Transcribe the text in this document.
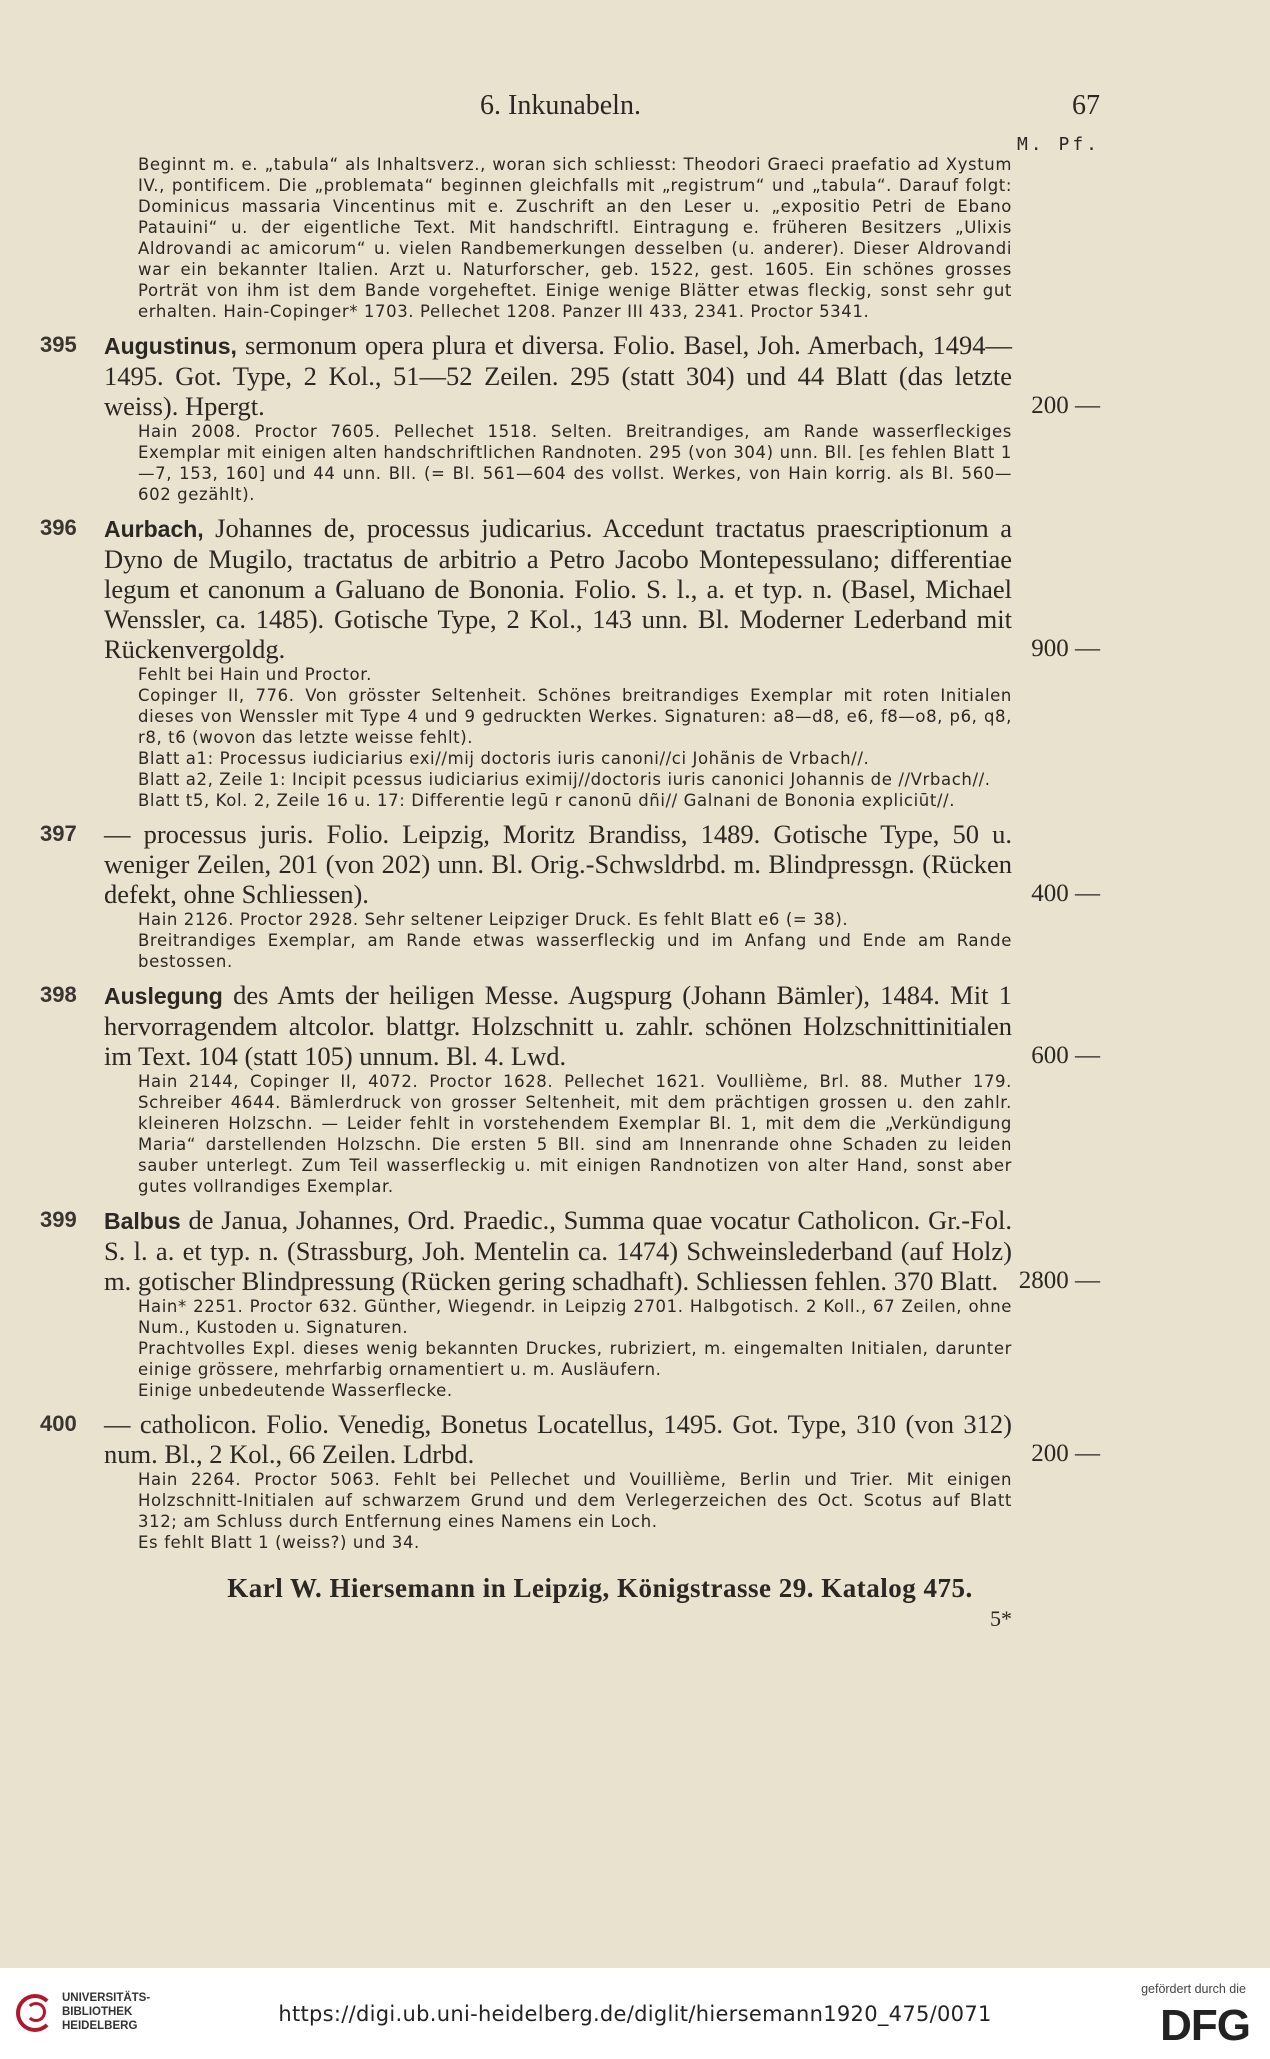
6. Inkunabeln.	67
M. Pf.
Beginnt m. e. „tabula“ als Inhaltsverz., woran sich schliesst: Theodori Graeci praefatio ad Xystum IV., pontificem. Die „problemata“ beginnen gleichfalls mit „registrum“ und „tabula“. Darauf folgt: Dominicus massaria Vincentinus mit e. Zuschrift an den Leser u. „expositio Petri de Ebano Patauini“ u. der eigentliche Text. Mit handschriftl. Eintragung e. früheren Besitzers „Ulixis Aldrovandi ac amicorum“ u. vielen Randbemerkungen desselben (u. anderer). Dieser Aldrovandi war ein bekannter Italien. Arzt u. Naturforscher, geb. 1522, gest. 1605. Ein schönes grosses Porträt von ihm ist dem Bande vorgeheftet. Einige wenige Blätter etwas fleckig, sonst sehr gut erhalten. Hain-Copinger* 1703. Pellechet 1208. Panzer III 433, 2341. Proctor 5341.
395 Augustinus, sermonum opera plura et diversa. Folio. Basel, Joh. Amerbach, 1494—1495. Got. Type, 2 Kol., 51—52 Zeilen. 295 (statt 304) und 44 Blatt (das letzte weiss). Hpergt.	200 —
Hain 2008. Proctor 7605. Pellechet 1518. Selten. Breitrandiges, am Rande wasserfleckiges Exemplar mit einigen alten handschriftlichen Randnoten. 295 (von 304) unn. Bll. [es fehlen Blatt 1—7, 153, 160] und 44 unn. Bll. (= Bl. 561—604 des vollst. Werkes, von Hain korrig. als Bl. 560—602 gezählt).
396 Aurbach, Johannes de, processus judicarius. Accedunt tractatus praescriptionum a Dyno de Mugilo, tractatus de arbitrio a Petro Jacobo Montepessulano; differentiae legum et canonum a Galuano de Bononia. Folio. S. l., a. et typ. n. (Basel, Michael Wenssler, ca. 1485). Gotische Type, 2 Kol., 143 unn. Bl. Moderner Lederband mit Rückenvergoldg.	900 —
Fehlt bei Hain und Proctor.
Copinger II, 776. Von grösster Seltenheit. Schönes breitrandiges Exemplar mit roten Initialen dieses von Wenssler mit Type 4 und 9 gedruckten Werkes. Signaturen: a8—d8, e6, f8—o8, p6, q8, r8, t6 (wovon das letzte weisse fehlt).
Blatt a1: Processus iudiciarius exi//mij doctoris iuris canoni//ci Johãnis de Vrbach//.
Blatt a2, Zeile 1: Incipit pcessus iudiciarius eximij//doctoris iuris canonici Johannis de //Vrbach//.
Blatt t5, Kol. 2, Zeile 16 u. 17: Differentie legū r canonū dñi// Galnani de Bononia expliciūt//.
397 — processus juris. Folio. Leipzig, Moritz Brandiss, 1489. Gotische Type, 50 u. weniger Zeilen, 201 (von 202) unn. Bl. Orig.-Schwsldrbd. m. Blindpressgn. (Rücken defekt, ohne Schliessen).	400 —
Hain 2126. Proctor 2928. Sehr seltener Leipziger Druck. Es fehlt Blatt e6 (= 38).
Breitrandiges Exemplar, am Rande etwas wasserfleckig und im Anfang und Ende am Rande bestossen.
398 Auslegung des Amts der heiligen Messe. Augspurg (Johann Bämler), 1484. Mit 1 hervorragendem altcolor. blattgr. Holzschnitt u. zahlr. schönen Holzschnittinitialen im Text. 104 (statt 105) unnum. Bl. 4. Lwd.	600 —
Hain 2144, Copinger II, 4072. Proctor 1628. Pellechet 1621. Voullième, Brl. 88. Muther 179. Schreiber 4644. Bämlerdruck von grosser Seltenheit, mit dem prächtigen grossen u. den zahlr. kleineren Holzschn. — Leider fehlt in vorstehendem Exemplar Bl. 1, mit dem die „Verkündigung Maria“ darstellenden Holzschn. Die ersten 5 Bll. sind am Innenrande ohne Schaden zu leiden sauber unterlegt. Zum Teil wasserfleckig u. mit einigen Randnotizen von alter Hand, sonst aber gutes vollrandiges Exemplar.
399 Balbus de Janua, Johannes, Ord. Praedic., Summa quae vocatur Catholicon. Gr.-Fol. S. l. a. et typ. n. (Strassburg, Joh. Mentelin ca. 1474) Schweinslederband (auf Holz) m. gotischer Blindpressung (Rücken gering schadhaft). Schliessen fehlen. 370 Blatt. 2800 —
Hain* 2251. Proctor 632. Günther, Wiegendr. in Leipzig 2701. Halbgotisch. 2 Koll., 67 Zeilen, ohne Num., Kustoden u. Signaturen.
Prachtvolles Expl. dieses wenig bekannten Druckes, rubriziert, m. eingemalten Initialen, darunter einige grössere, mehrfarbig ornamentiert u. m. Ausläufern.
Einige unbedeutende Wasserflecke.
400 — catholicon. Folio. Venedig, Bonetus Locatellus, 1495. Got. Type, 310 (von 312) num. Bl., 2 Kol., 66 Zeilen. Ldrbd.	200 —
Hain 2264. Proctor 5063. Fehlt bei Pellechet und Vouillième, Berlin und Trier. Mit einigen Holzschnitt-Initialen auf schwarzem Grund und dem Verlegerzeichen des Oct. Scotus auf Blatt 312; am Schluss durch Entfernung eines Namens ein Loch.
Es fehlt Blatt 1 (weiss?) und 34.
Karl W. Hiersemann in Leipzig, Königstrasse 29. Katalog 475.
5*
UNIVERSITÄTS-
BIBLIOTHEK
HEIDELBERG	https://digi.ub.uni-heidelberg.de/diglit/hiersemann1920_475/0071
gefördert durch die
DFG
